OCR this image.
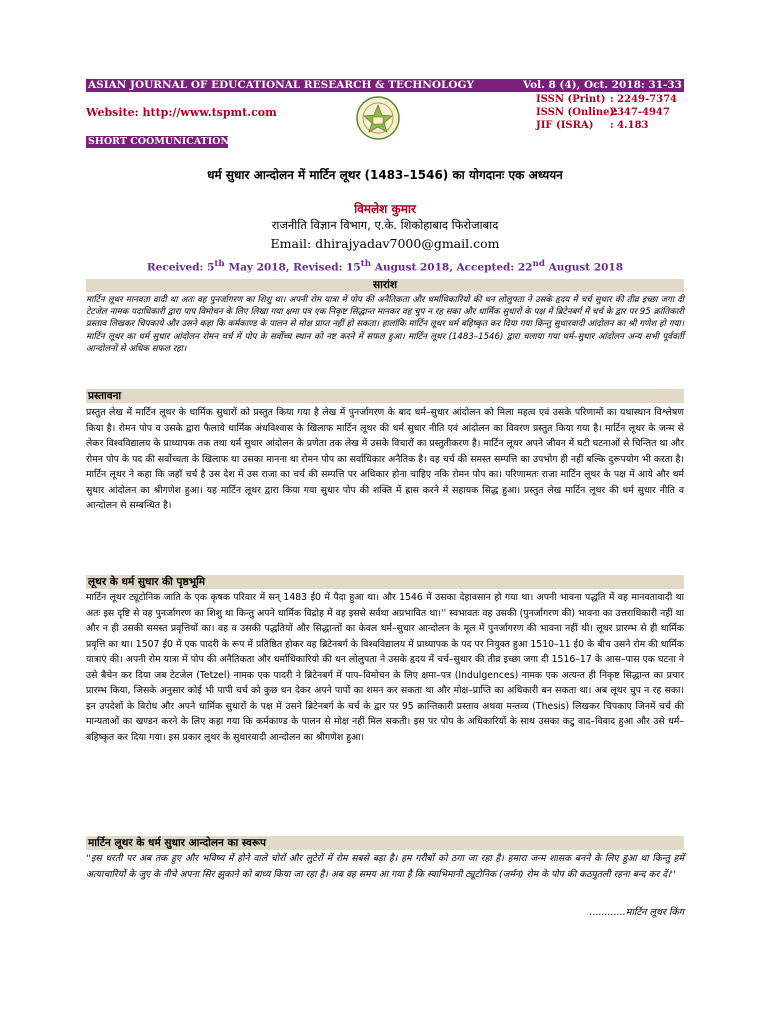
ASIAN JOURNAL OF EDUCATIONAL RESEARCH & TECHNOLOGY	Vol. 8 (4), Oct. 2018: 31-33
Website: http://www.tspmt.com
ISSN (Print) : 2249-7374
ISSN (Online):
2347-4947
JIF (ISRA)	: 4.183
SHORT COOMUNICATION
धर्म सुधार आन्दोलन में मार्टिन लूथर (1483–1546) का योगदानः एक अध्ययन
विमलेश कुमार
राजनीति विज्ञान विभाग, ए.के. शिकोहाबाद फिरोजाबाद
Email: dhirajyadav7000@gmail.com
Received: 5th May 2018, Revised: 15th August 2018, Accepted: 22nd August 2018
सारांश
मार्टिन लूथर मानवता वादी था अतः वह पुनर्जागरण का शिशु था। अपनी रोम यात्रा में पोप की अनैतिकता और धर्माधिकारियों की धन लोलुपता ने उसके हृदय में चर्च सुधार की तीव्र इच्छा जगा दी टेटजेल नामक पदाधिकारी द्वारा पाप विमोचन के लिए लिखा गया क्षमा पत्र एक निकृष्ट सिद्धान्त मानकर वह चुप न रह सका और धार्मिक सुधारों के पक्ष में ब्रिटेनबर्ग में चर्च के द्वार पर 95 क्रांतिकारी प्रस्ताव लिखकर चिपकाये और उसने कहा कि कर्मकाण्ड के पालन से मोक्ष प्राप्त नहीं हो सकता। हालांकि मार्टिन लूथर धर्म बहिष्कृत कर दिया गया किन्तु सुधारवादी आंदोलन का श्री गणेश हो गया। मार्टिन लूथर का धर्म सुधार आंदोलन रोमन चर्च में पोप के सर्वोच्च स्थान को नष्ट करने में सफल हुआ। मार्टिन लूथर (1483–1546) द्वारा चलाया गया धर्म–सुधार आंदोलन अन्य सभी पूर्ववर्ती आन्दोलनों से अधिक सफल रहा।
प्रस्तावना
प्रस्तुत लेख में मार्टिन लूथर के धार्मिक सुधारों को प्रस्तुत किया गया है लेख में पुनर्जागरण के बाद धर्म–सुधार आंदोलन को मिला महत्व एवं उसके परिणामों का यथास्थान विश्लेषण किया है। रोमन पोप व उसके द्वारा फैलाये धार्मिक अंधविश्वास के खिलाफ मार्टिन लूथर की धर्म सुधार नीति एवं आंदोलन का विवरण प्रस्तुत किया गया है। मार्टिन लूथर के जन्म से लेकर विश्वविद्यालय के प्राध्यापक तक तथा धर्म सुधार आंदोलन के प्रणेता तक लेख में उसके विचारों का प्रस्तुतीकरण है। मार्टिन लूथर अपने जीवन में घटी घटनाओं से चिन्तित था और रोमन पोप के पद की सर्वोच्चता के खिलाफ था उसका मानना था रोमन पोप का सर्वाधिकार अनैतिक है। वह चर्च की समस्त सम्पत्ति का उपभोग ही नहीं बल्कि दुरूपयोग भी करता है। मार्टिन लूथर ने कहा कि जहाँ चर्च है उस देश में उस राजा का चर्च की सम्पत्ति पर अधिकार होना चाहिए नकि रोमन पोप का। परिणामतः राजा मार्टिन लूथर के पक्ष में आये और धर्म सुधार आंदोलन का श्रीगणेश हुआ। यह मार्टिन लूथर द्वारा किया गया सुधार पोप की शक्ति में ह्रास करने में सहायक सिद्ध हुआ। प्रस्तुत लेख मार्टिन लूथर की धर्म सुधार नीति व आन्दोलन से सम्बन्धित है।
लूथर के धर्म सुधार की पृष्ठभूमि
मार्टिन लूथर ट्यूटोनिक जाति के एक कृषक परिवार में सन् 1483 ई0 में पैदा हुआ था। और 1546 में उसका देहावसान हो गया था। अपनी भावना पद्धति में वह मानवतावादी था अतः इस दृष्टि से वह पुनर्जागरण का शिशु था किन्तु अपने धार्मिक विद्रोह में वह इससे सर्वथा अप्रभावित था।'' स्वभावतः वह उसकी (पुनर्जागरण की) भावना का उत्तराधिकारी नहीं था और न ही उसकी समस्त प्रवृत्तियों का। वह व उसकी पद्धतियों और सिद्धान्तों का केवल धर्म–सुधार आन्दोलन के मूल में पुनर्जागरण की भावना नहीं थी। लूथर प्रारम्भ से ही धार्मिक प्रवृत्ति का था। 1507 ई0 में एक पादरी के रूप में प्रतिष्ठित होकर वह ब्रिटेनबर्ग के विश्वविद्यालय में प्राध्यापक के पद पर नियुक्त हुआ 1510–11 ई0 के बीच उसने रोम की धार्मिक यात्राएं की। अपनी रोम यात्रा में पोप की अनैतिकता और धर्माधिकारियो की धन लोलुपता ने उसके हृदय में चर्च–सुधार की तीव्र इच्छा जगा दी 1516–17 के आस–पास एक घटना ने उसे बैचेन कर दिया जब टेटजेल (Tetzel) नामक एक पादरी ने ब्रिटेनबर्ग में पाप–विमोचन के लिए क्षमा–पत्र (Indulgences) नामक एक अत्यन्त ही निकृष्ट सिद्धान्त का प्रचार प्रारम्भ किया, जिसके अनुसार कोई भी पापी चर्च को कुछ धन देकर अपने पापों का शमन कर सकता था और मोक्ष–प्राप्ति का अधिकारी बन सकता था। अब लूथर चुप न रह सका। इन उपदेशों के विरोध और अपने धार्मिक सुधारों के पक्ष में उसने ब्रिटेनबर्ग के चर्च के द्वार पर 95 क्रान्तिकारी प्रस्ताव अथवा मन्तव्य (Thesis) लिखकर चिपकाए जिनमें चर्च की मान्यताओं का खण्डन करने के लिए कहा गया कि कर्मकाण्ड के पालन से मोक्ष नहीं मिल सकती। इस पर पोप के अधिकारियों के साथ उसका कटु वाद–विवाद हुआ और उसे धर्म–बहिष्कृत कर दिया गया। इस प्रकार लूथर के सुधारवादी आन्दोलन का श्रीगणेश हुआ।
मार्टिन लूथर के धर्म सुधार आन्दोलन का स्वरूप
''इस धरती पर अब तक हुए और भविष्य में होने वाले चोरों और लुटेरों में रोम सबसे बड़ा है। हम गरीबों को ठगा जा रहा है। हमारा जन्म शासक बनने के लिए हुआ था किन्तु हमें अत्याचारियों के जुए के नीचे अपना सिर झुकाने को बाध्य किया जा रहा है। अब वह समय आ गया है कि स्वाभिमानी ट्यूटोनिक (जर्मन) रोम के पोप की कठपुतली रहना बन्द कर दें।''
............मार्टिन लूथर किंग
